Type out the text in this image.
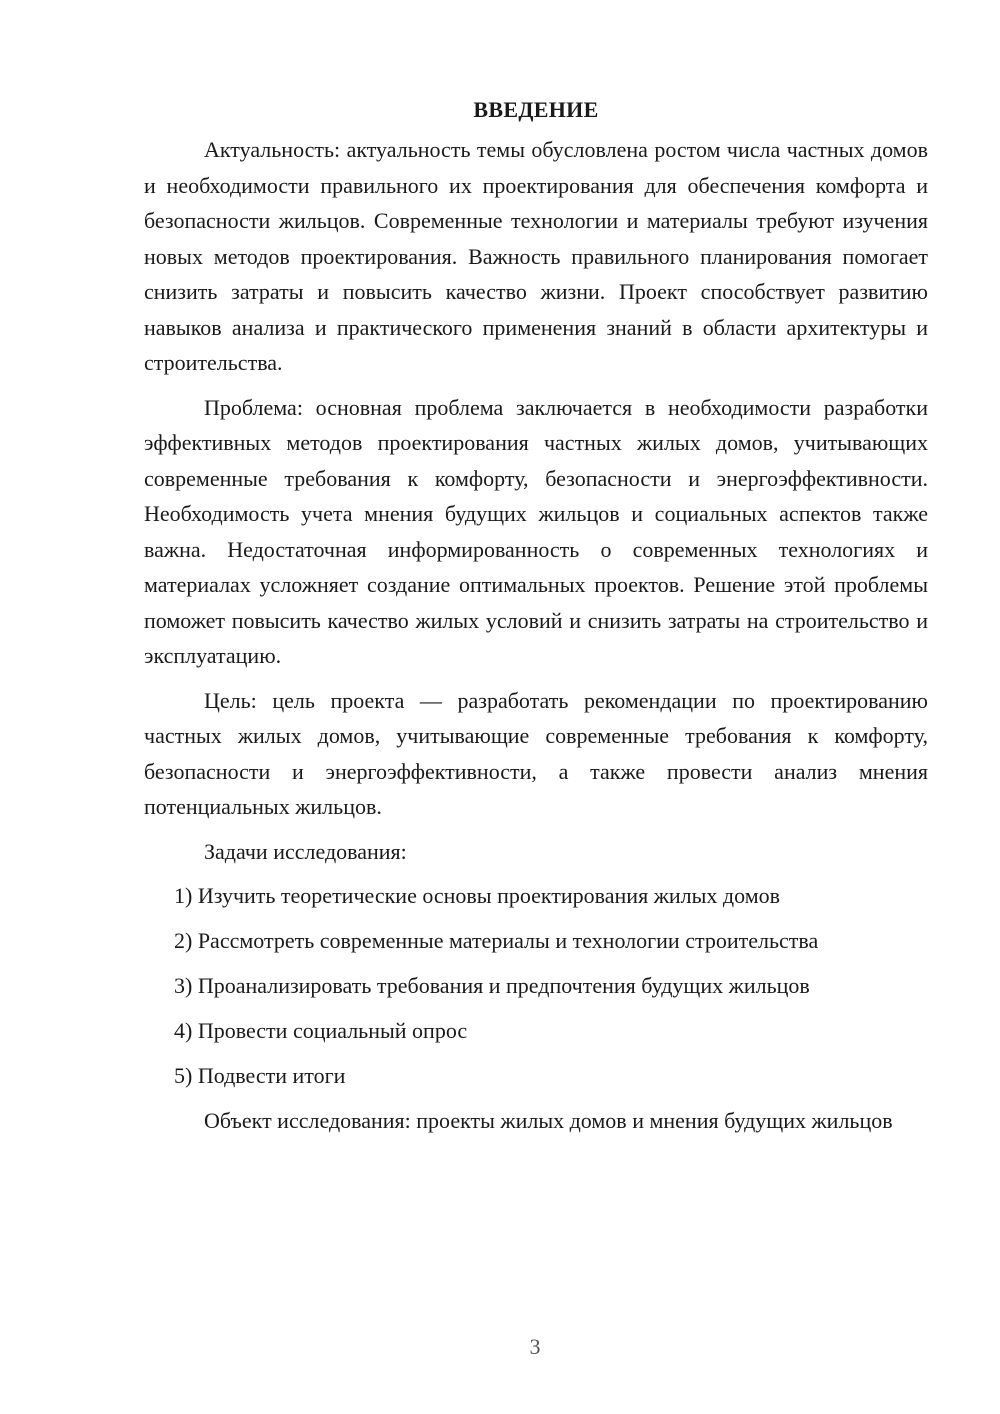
ВВЕДЕНИЕ

Актуальность: актуальность темы обусловлена ростом числа частных домов и необходимости правильного их проектирования для обеспечения комфорта и безопасности жильцов. Современные технологии и материалы требуют изучения новых методов проектирования. Важность правильного планирования помогает снизить затраты и повысить качество жизни. Проект способствует развитию навыков анализа и практического применения знаний в области архитектуры и строительства.

Проблема: основная проблема заключается в необходимости разработки эффективных методов проектирования частных жилых домов, учитывающих современные требования к комфорту, безопасности и энергоэффективности. Необходимость учета мнения будущих жильцов и социальных аспектов также важна. Недостаточная информированность о современных технологиях и материалах усложняет создание оптимальных проектов. Решение этой проблемы поможет повысить качество жилых условий и снизить затраты на строительство и эксплуатацию.

Цель: цель проекта — разработать рекомендации по проектированию частных жилых домов, учитывающие современные требования к комфорту, безопасности и энергоэффективности, а также провести анализ мнения потенциальных жильцов.

Задачи исследования:

1) Изучить теоретические основы проектирования жилых домов
2) Рассмотреть современные материалы и технологии строительства
3) Проанализировать требования и предпочтения будущих жильцов
4) Провести социальный опрос
5) Подвести итоги

Объект исследования: проекты жилых домов и мнения будущих жильцов

3
